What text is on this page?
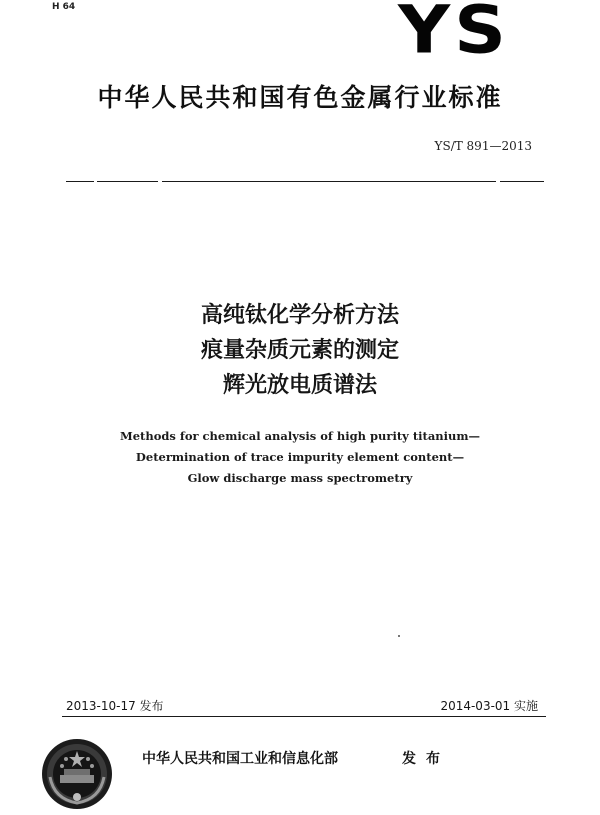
H 64	YS
中华人民共和国有色金属行业标准
YS/T 891—2013
高纯钛化学分析方法
痕量杂质元素的测定
辉光放电质谱法
Methods for chemical analysis of high purity titanium—
Determination of trace impurity element content—
Glow discharge mass spectrometry
2013-10-17 发布	2014-03-01 实施
中华人民共和国工业和信息化部	发布
